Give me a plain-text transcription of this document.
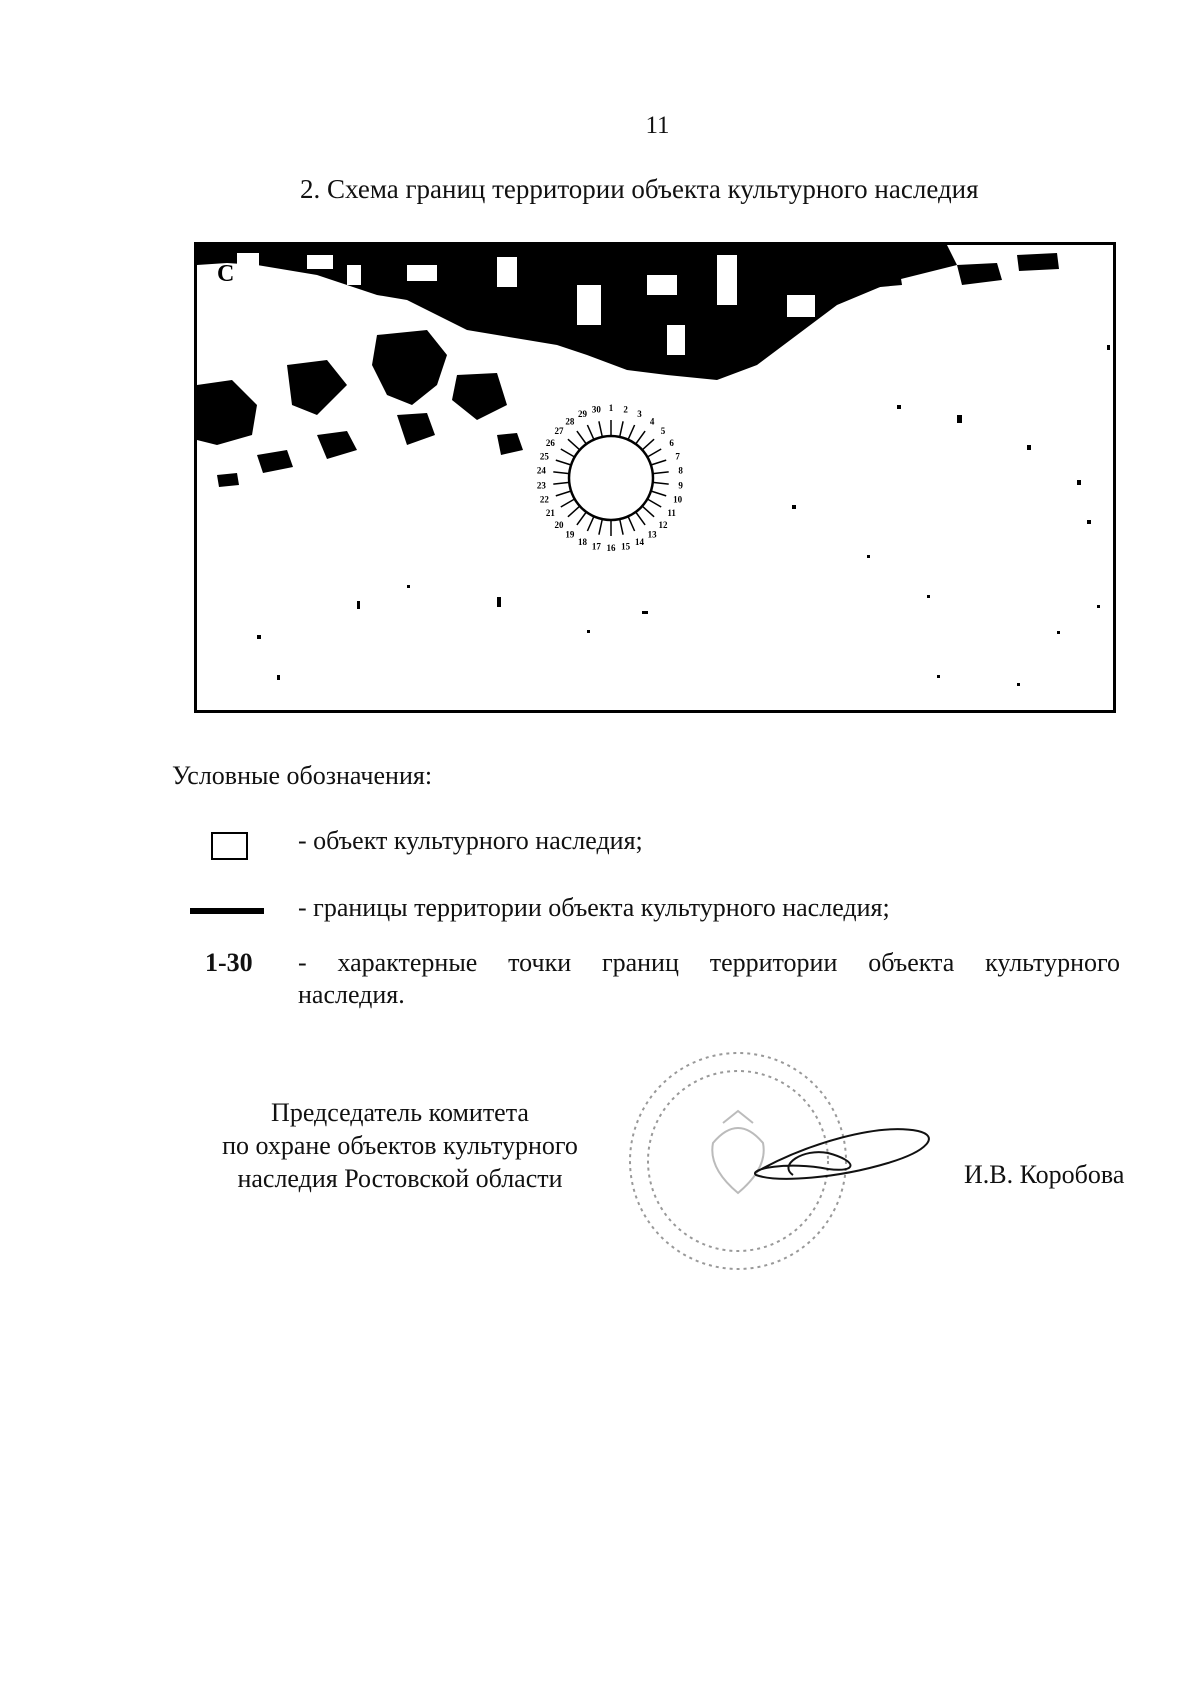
11
2. Схема границ территории объекта культурного наследия
1 2 3
4
5
6
7
8
9
10
11
12
13
14
15
16
17
18
19
20
21
22
23
24
25
26
27
28
29 30
С
Условные обозначения:
- объект культурного наследия;
- границы территории объекта культурного наследия;
1-30 - характерные точки границ территории объекта культурного
наследия.
Председатель комитета
по охране объектов культурного
наследия Ростовской области	И.В. Коробова
